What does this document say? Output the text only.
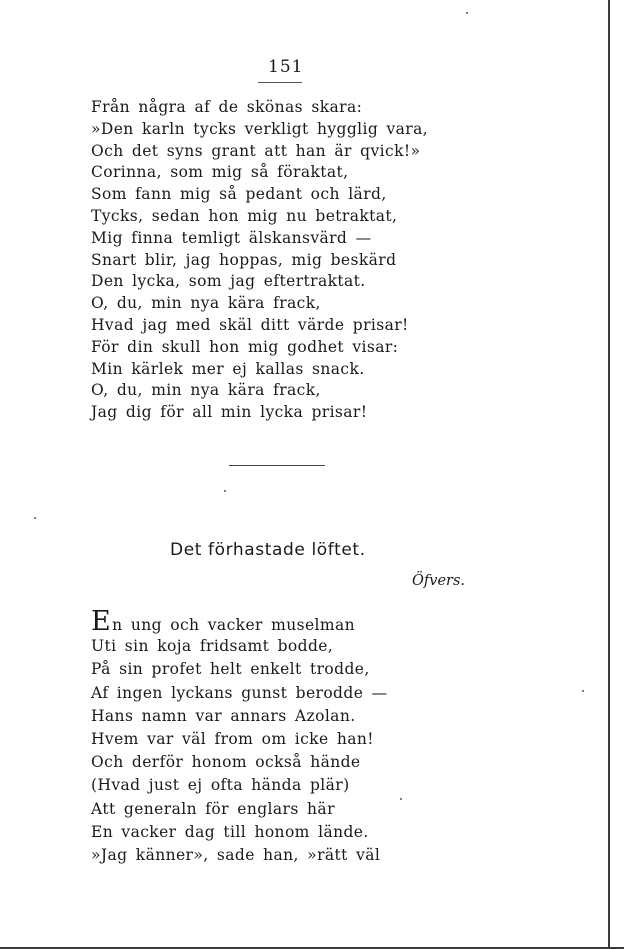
151
Från några af de skönas skara:
»Den karln tycks verkligt hygglig vara,
Och det syns grant att han är qvick!»
Corinna, som mig så föraktat,
Som fann mig så pedant och lärd,
Tycks, sedan hon mig nu betraktat,
Mig finna temligt älskansvärd —
Snart blir, jag hoppas, mig beskärd
Den lycka, som jag eftertraktat.
O, du, min nya kära frack,
Hvad jag med skäl ditt värde prisar!
För din skull hon mig godhet visar:
Min kärlek mer ej kallas snack.
O, du, min nya kära frack,
Jag dig för all min lycka prisar!
Det förhastade löftet.
Öfvers.
En ung och vacker muselman
Uti sin koja fridsamt bodde,
På sin profet helt enkelt trodde,
Af ingen lyckans gunst berodde —
Hans namn var annars Azolan.
Hvem var väl from om icke han!
Och derför honom också hände
(Hvad just ej ofta hända plär)
Att generaln för englars här
En vacker dag till honom lände.
»Jag känner», sade han, »rätt väl
